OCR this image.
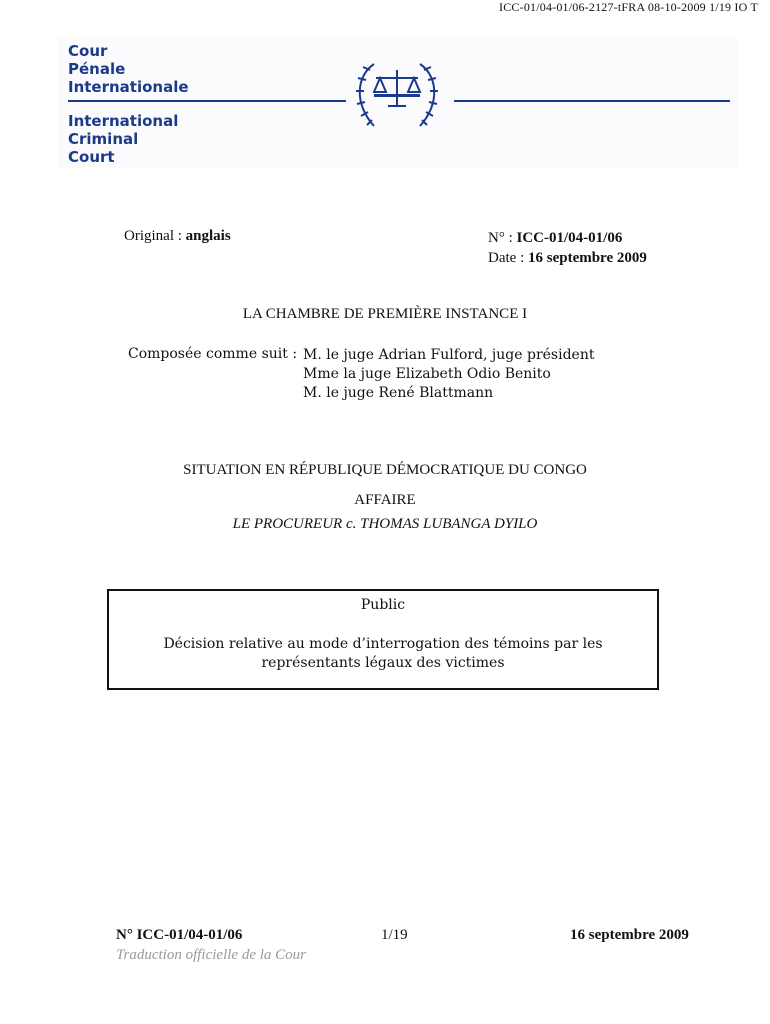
ICC-01/04-01/06-2127-tFRA 08-10-2009 1/19 IO T
Cour
Pénale
Internationale
International
Criminal
Court
Original : anglais	N° : ICC-01/04-01/06
Date : 16 septembre 2009
LA CHAMBRE DE PREMIÈRE INSTANCE I
Composée comme suit : M. le juge Adrian Fulford, juge président
Mme la juge Elizabeth Odio Benito
M. le juge René Blattmann
SITUATION EN RÉPUBLIQUE DÉMOCRATIQUE DU CONGO
AFFAIRE
LE PROCUREUR c. THOMAS LUBANGA DYILO
Public
Décision relative au mode d’interrogation des témoins par les représentants légaux des victimes
N° ICC-01/04-01/06	1/19	16 septembre 2009
Traduction officielle de la Cour
